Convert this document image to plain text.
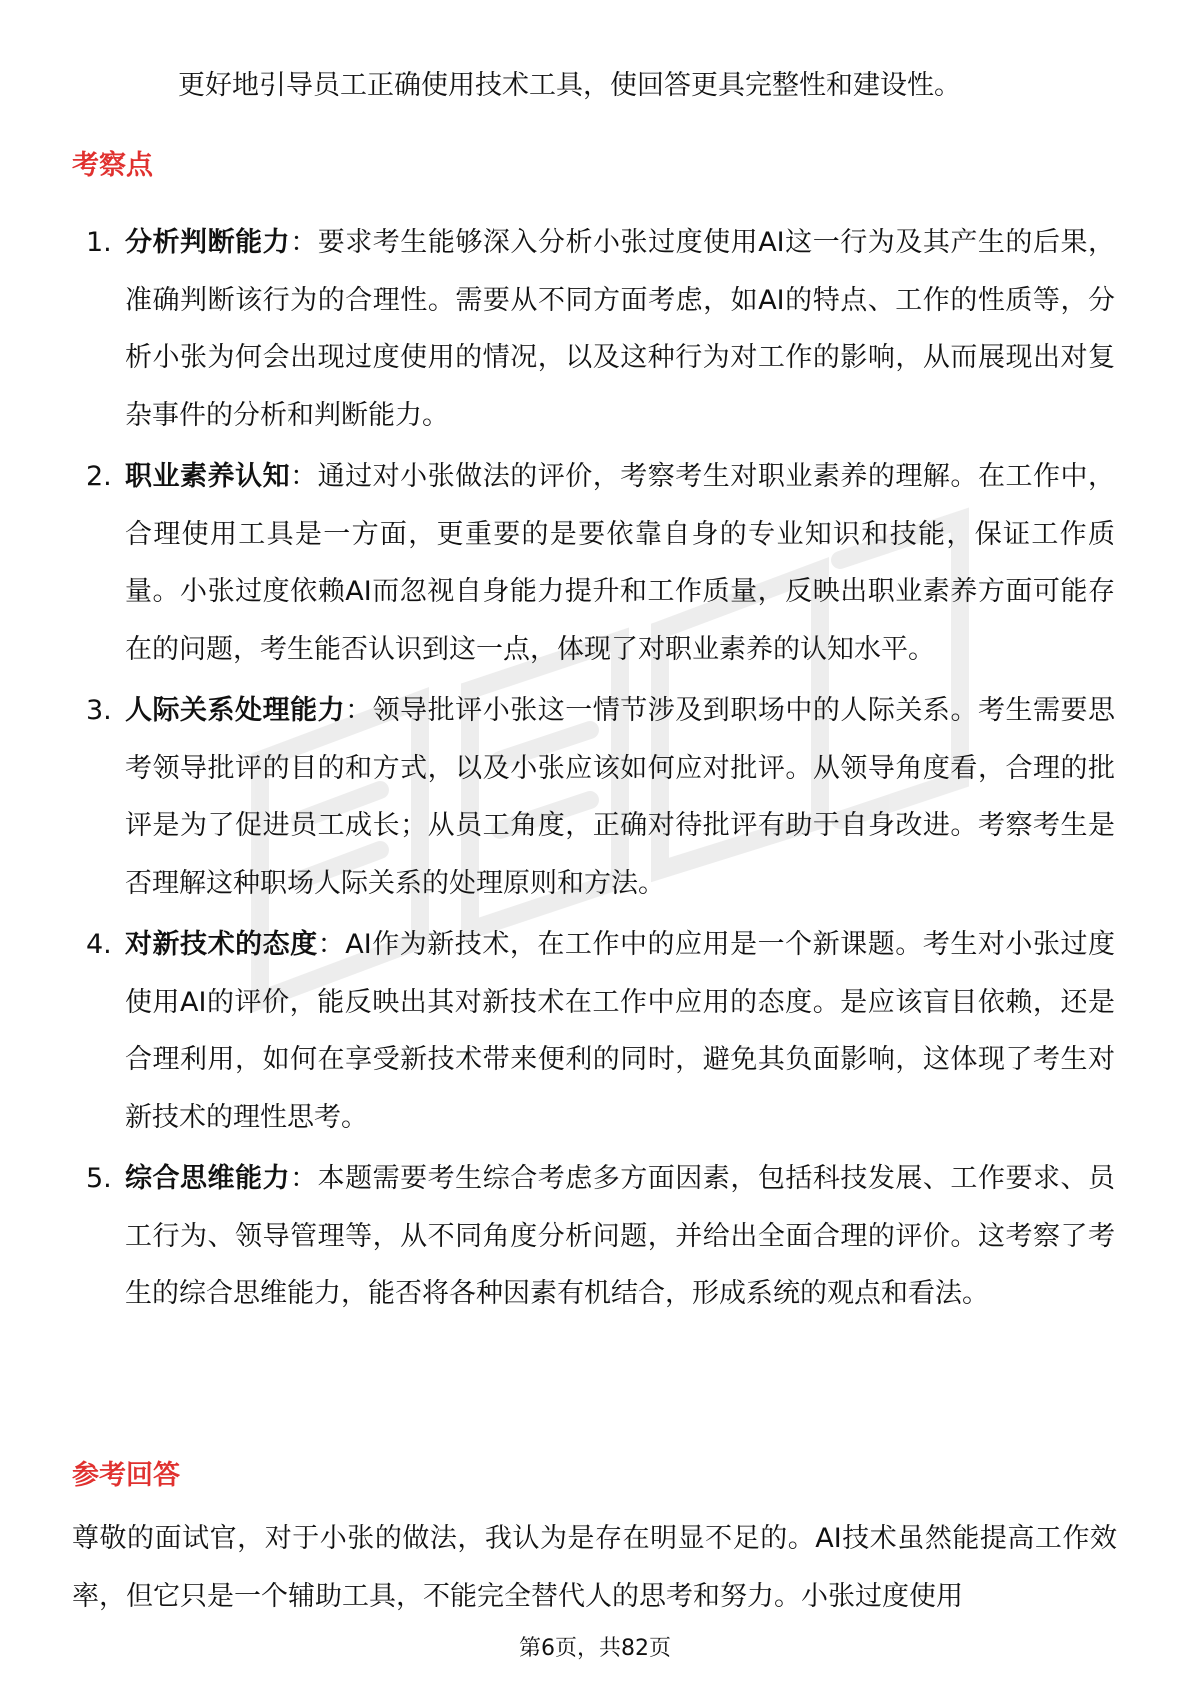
更好地引导员工正确使用技术工具，使回答更具完整性和建设性。
考察点
1. 分析判断能力：要求考生能够深入分析小张过度使用AI这一行为及其产生的后果，准确判断该行为的合理性。需要从不同方面考虑，如AI的特点、工作的性质等，分析小张为何会出现过度使用的情况，以及这种行为对工作的影响，从而展现出对复杂事件的分析和判断能力。
2. 职业素养认知：通过对小张做法的评价，考察考生对职业素养的理解。在工作中，合理使用工具是一方面，更重要的是要依靠自身的专业知识和技能，保证工作质量。小张过度依赖AI而忽视自身能力提升和工作质量，反映出职业素养方面可能存在的问题，考生能否认识到这一点，体现了对职业素养的认知水平。
3. 人际关系处理能力：领导批评小张这一情节涉及到职场中的人际关系。考生需要思考领导批评的目的和方式，以及小张应该如何应对批评。从领导角度看，合理的批评是为了促进员工成长；从员工角度，正确对待批评有助于自身改进。考察考生是否理解这种职场人际关系的处理原则和方法。
4. 对新技术的态度：AI作为新技术，在工作中的应用是一个新课题。考生对小张过度使用AI的评价，能反映出其对新技术在工作中应用的态度。是应该盲目依赖，还是合理利用，如何在享受新技术带来便利的同时，避免其负面影响，这体现了考生对新技术的理性思考。
5. 综合思维能力：本题需要考生综合考虑多方面因素，包括科技发展、工作要求、员工行为、领导管理等，从不同角度分析问题，并给出全面合理的评价。这考察了考生的综合思维能力，能否将各种因素有机结合，形成系统的观点和看法。
参考回答
尊敬的面试官，对于小张的做法，我认为是存在明显不足的。AI技术虽然能提高工作效率，但它只是一个辅助工具，不能完全替代人的思考和努力。小张过度使用
第6页，共82页
